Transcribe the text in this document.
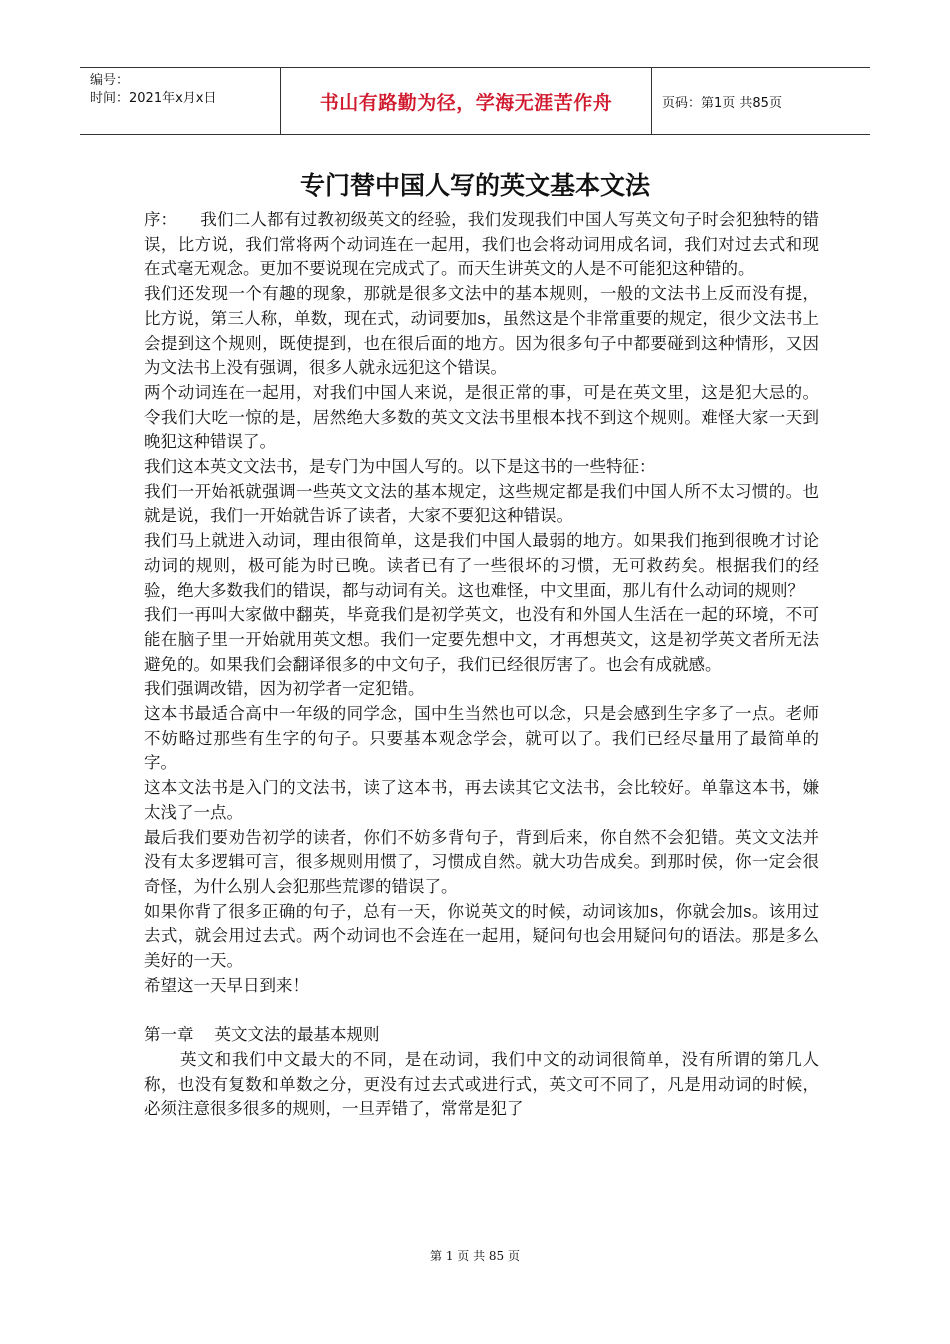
编号：
时间：2021年x月x日	书山有路勤为径，学海无涯苦作舟	页码：第1页 共85页
专门替中国人写的英文基本文法

序： 我们二人都有过教初级英文的经验，我们发现我们中国人写英文句子时会犯独特的错误，比方说，我们常将两个动词连在一起用，我们也会将动词用成名词，我们对过去式和现在式毫无观念。更加不要说现在完成式了。而天生讲英文的人是不可能犯这种错的。

我们还发现一个有趣的现象，那就是很多文法中的基本规则，一般的文法书上反而没有提， 比方说，第三人称，单数，现在式，动词要加s，虽然这是个非常重要的规定，很少文法书上会提到这个规则，既使提到，也在很后面的地方。因为很多句子中都要碰到这种情形，又因为文法书上没有强调，很多人就永远犯这个错误。

两个动词连在一起用，对我们中国人来说，是很正常的事，可是在英文里，这是犯大忌的。令我们大吃一惊的是，居然绝大多数的英文文法书里根本找不到这个规则。难怪大家一天到晚犯这种错误了。

我们这本英文文法书，是专门为中国人写的。以下是这书的一些特征：

我们一开始祇就强调一些英文文法的基本规定，这些规定都是我们中国人所不太习惯的。也就是说，我们一开始就告诉了读者，大家不要犯这种错误。

我们马上就进入动词，理由很简单，这是我们中国人最弱的地方。如果我们拖到很晚才讨论动词的规则，极可能为时已晚。读者已有了一些很坏的习惯，无可救药矣。根据我们的经验，绝大多数我们的错误，都与动词有关。这也难怪，中文里面，那儿有什么动词的规则？

我们一再叫大家做中翻英，毕竟我们是初学英文，也没有和外国人生活在一起的环境，不可能在脑子里一开始就用英文想。我们一定要先想中文，才再想英文，这是初学英文者所无法避免的。如果我们会翻译很多的中文句子，我们已经很厉害了。也会有成就感。

我们强调改错，因为初学者一定犯错。

这本书最适合高中一年级的同学念，国中生当然也可以念，只是会感到生字多了一点。老师不妨略过那些有生字的句子。只要基本观念学会，就可以了。我们已经尽量用了最简单的字。

这本文法书是入门的文法书，读了这本书，再去读其它文法书，会比较好。单靠这本书，嫌太浅了一点。

最后我们要劝告初学的读者，你们不妨多背句子，背到后来，你自然不会犯错。英文文法并没有太多逻辑可言，很多规则用惯了，习惯成自然。就大功告成矣。到那时侯，你一定会很奇怪，为什么别人会犯那些荒谬的错误了。

如果你背了很多正确的句子，总有一天，你说英文的时候，动词该加s，你就会加s。该用过去式，就会用过去式。两个动词也不会连在一起用，疑问句也会用疑问句的语法。那是多么美好的一天。

希望这一天早日到来！

第一章    英文文法的最基本规则

英文和我们中文最大的不同，是在动词，我们中文的动词很简单，没有所谓的第几人称，也没有复数和单数之分，更没有过去式或进行式，英文可不同了，凡是用动词的时候，必须注意很多很多的规则，一旦弄错了，常常是犯了

第 1 页 共 85 页
